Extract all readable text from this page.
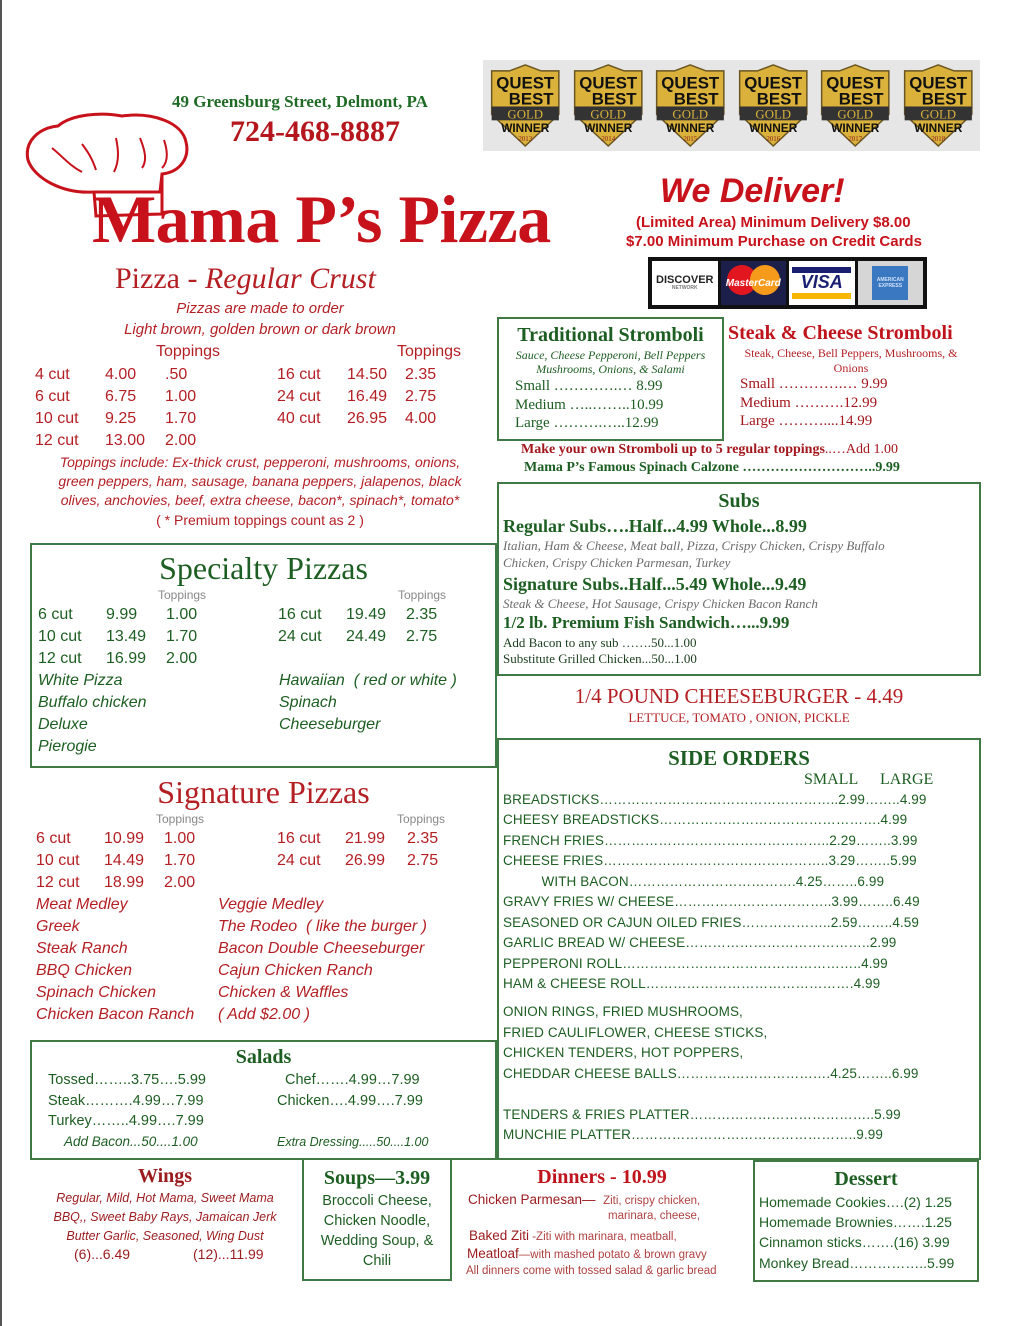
49 Greensburg Street, Delmont, PA
724-468-8887
Mama P’s Pizza
QUEST
BEST
GOLD
WINNER
2013
QUEST
BEST
GOLD
WINNER
2014
QUEST
BEST
GOLD
WINNER
2015
QUEST
BEST
GOLD
WINNER
2016
QUEST
BEST
GOLD
WINNER
2017
QUEST
BEST
GOLD
WINNER
2018
We Deliver!
(Limited Area) Minimum Delivery $8.00
$7.00 Minimum Purchase on Credit Cards
DISCOVER
NETWORK	MasterCard VISA	AMERICAN EXPRESS
Pizza - Regular Crust
Pizzas are made to order
Light brown, golden brown or dark brown
Toppings	Toppings
4 cut 4.00 .50
6 cut 6.75 1.00
10 cut 9.25 1.70
12 cut 13.00 2.00
16 cut 14.50 2.35
24 cut 16.49 2.75
40 cut 26.95 4.00
Toppings include: Ex-thick crust, pepperoni, mushrooms, onions,
green peppers, ham, sausage, banana peppers, jalapenos, black
olives, anchovies, beef, extra cheese, bacon*, spinach*, tomato*
( * Premium toppings count as 2 )
Traditional Stromboli
Sauce, Cheese Pepperoni, Bell Peppers
Mushrooms, Onions, & Salami
Small ………….… 8.99
Medium …..……..10.99
Large ……….…..12.99
Steak & Cheese Stromboli
Steak, Cheese, Bell Peppers, Mushrooms, &
Onions
Small ………….… 9.99
Medium ……….12.99
Large ………....14.99
Make your own Stromboli up to 5 regular toppings..…Add 1.00
Mama P’s Famous Spinach Calzone ………………………..9.99
Subs
Regular Subs….Half...4.99 Whole...8.99
Italian, Ham & Cheese, Meat ball, Pizza, Crispy Chicken, Crispy Buffalo
Chicken, Crispy Chicken Parmesan, Turkey
Signature Subs..Half...5.49 Whole...9.49
Steak & Cheese, Hot Sausage, Crispy Chicken Bacon Ranch
1/2 lb. Premium Fish Sandwich…...9.99
Add Bacon to any sub …….50...1.00
Substitute Grilled Chicken...50...1.00
1/4 POUND CHEESEBURGER - 4.49
LETTUCE, TOMATO , ONION, PICKLE
SIDE ORDERS
SMALL LARGE
BREADSTICKS……………………………………………..2.99……..4.99
CHEESY BREADSTICKS………………………………………….4.99
FRENCH FRIES…………………………………………..2.29……..3.99
CHEESE FRIES…………………………………………..3.29……..5.99
WITH BACON……………………………….4.25……..6.99
GRAVY FRIES W/ CHEESE……………………………..3.99……..6.49
SEASONED OR CAJUN OILED FRIES………………..2.59……..4.59
GARLIC BREAD W/ CHEESE…………………………………..2.99
PEPPERONI ROLL……………………………………………..4.99
HAM & CHEESE ROLL……………………………………….4.99
ONION RINGS, FRIED MUSHROOMS,
FRIED CAULIFLOWER, CHEESE STICKS,
CHICKEN TENDERS, HOT POPPERS,
CHEDDAR CHEESE BALLS…………………………….4.25……..6.99
TENDERS & FRIES PLATTER…………………………………..5.99
MUNCHIE PLATTER…………………………………………..9.99
Specialty Pizzas
Toppings	Toppings
6 cut 9.99 1.00
10 cut 13.49 1.70
12 cut 16.99 2.00
16 cut 19.49 2.35
24 cut 24.49 2.75
White Pizza
Buffalo chicken
Deluxe
Pierogie
Hawaiian  ( red or white )
Spinach
Cheeseburger
Signature Pizzas
Toppings	Toppings
6 cut 10.99 1.00
10 cut 14.49 1.70
12 cut 18.99 2.00
16 cut 21.99 2.35
24 cut 26.99 2.75
Meat Medley
Greek
Steak Ranch
BBQ Chicken
Spinach Chicken
Chicken Bacon Ranch
Veggie Medley
The Rodeo  ( like the burger )
Bacon Double Cheeseburger
Cajun Chicken Ranch
Chicken & Waffles
( Add $2.00 )
Salads
Tossed……..3.75….5.99
Steak……….4.99…7.99
Turkey……..4.99….7.99
Chef…….4.99…7.99
Chicken….4.99….7.99
Add Bacon...50....1.00	Extra Dressing.....50....1.00
Wings
Regular, Mild, Hot Mama, Sweet Mama
BBQ,, Sweet Baby Rays, Jamaican Jerk
Butter Garlic, Seasoned, Wing Dust
(6)...6.49	(12)...11.99
Soups—3.99
Broccoli Cheese,
Chicken Noodle,
Wedding Soup, &
Chili
Dinners - 10.99
Chicken Parmesan— Ziti, crispy chicken,
marinara, cheese,
Baked Ziti -Ziti with marinara, meatball,
Meatloaf—with mashed potato & brown gravy
All dinners come with tossed salad & garlic bread
Dessert
Homemade Cookies….(2) 1.25
Homemade Brownies…….1.25
Cinnamon sticks…….(16) 3.99
Monkey Bread……………..5.99
